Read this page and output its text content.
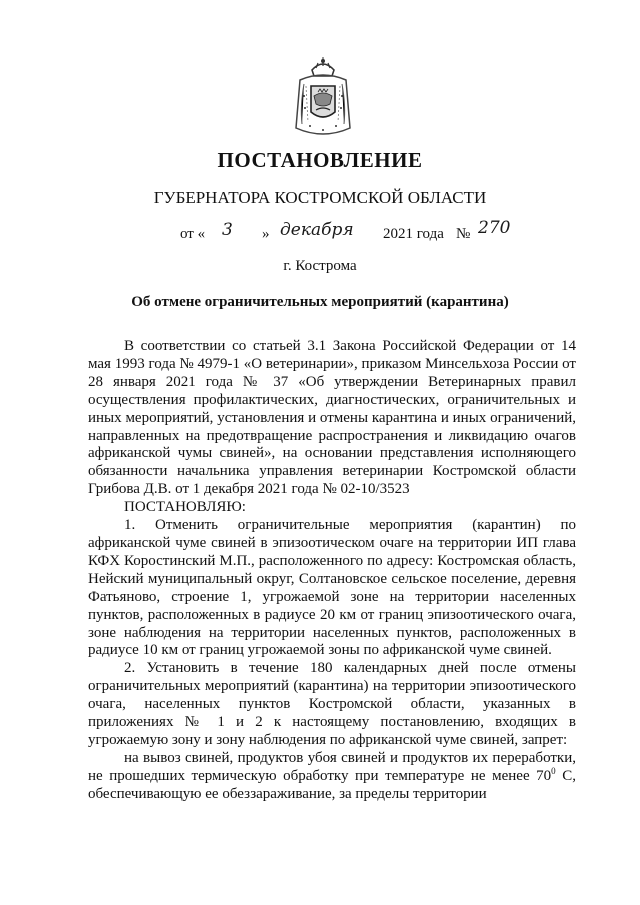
ПОСТАНОВЛЕНИЕ
ГУБЕРНАТОРА КОСТРОМСКОЙ ОБЛАСТИ
от « 3 » декабря 2021 года № 270
г. Кострома
Об отмене ограничительных мероприятий (карантина)

В соответствии со статьей 3.1 Закона Российской Федерации от 14 мая 1993 года № 4979-1 «О ветеринарии», приказом Минсельхоза России от 28 января 2021 года № 37 «Об утверждении Ветеринарных правил осуществления профилактических, диагностических, ограничительных и иных мероприятий, установления и отмены карантина и иных ограничений, направленных на предотвращение распространения и ликвидацию очагов африканской чумы свиней», на основании представления исполняющего обязанности начальника управления ветеринарии Костромской области Грибова Д.В. от 1 декабря 2021 года № 02-10/3523

ПОСТАНОВЛЯЮ:

1. Отменить ограничительные мероприятия (карантин) по африканской чуме свиней в эпизоотическом очаге на территории ИП глава КФХ Коростинский М.П., расположенного по адресу: Костромская область, Нейский муниципальный округ, Солтановское сельское поселение, деревня Фатьяново, строение 1, угрожаемой зоне на территории населенных пунктов, расположенных в радиусе 20 км от границ эпизоотического очага, зоне наблюдения на территории населенных пунктов, расположенных в радиусе 10 км от границ угрожаемой зоны по африканской чуме свиней.

2. Установить в течение 180 календарных дней после отмены ограничительных мероприятий (карантина) на территории эпизоотического очага, населенных пунктов Костромской области, указанных в приложениях № 1 и 2 к настоящему постановлению, входящих в угрожаемую зону и зону наблюдения по африканской чуме свиней, запрет:

на вывоз свиней, продуктов убоя свиней и продуктов их переработки, не прошедших термическую обработку при температуре не менее $70^0$ С, обеспечивающую ее обеззараживание, за пределы территории
